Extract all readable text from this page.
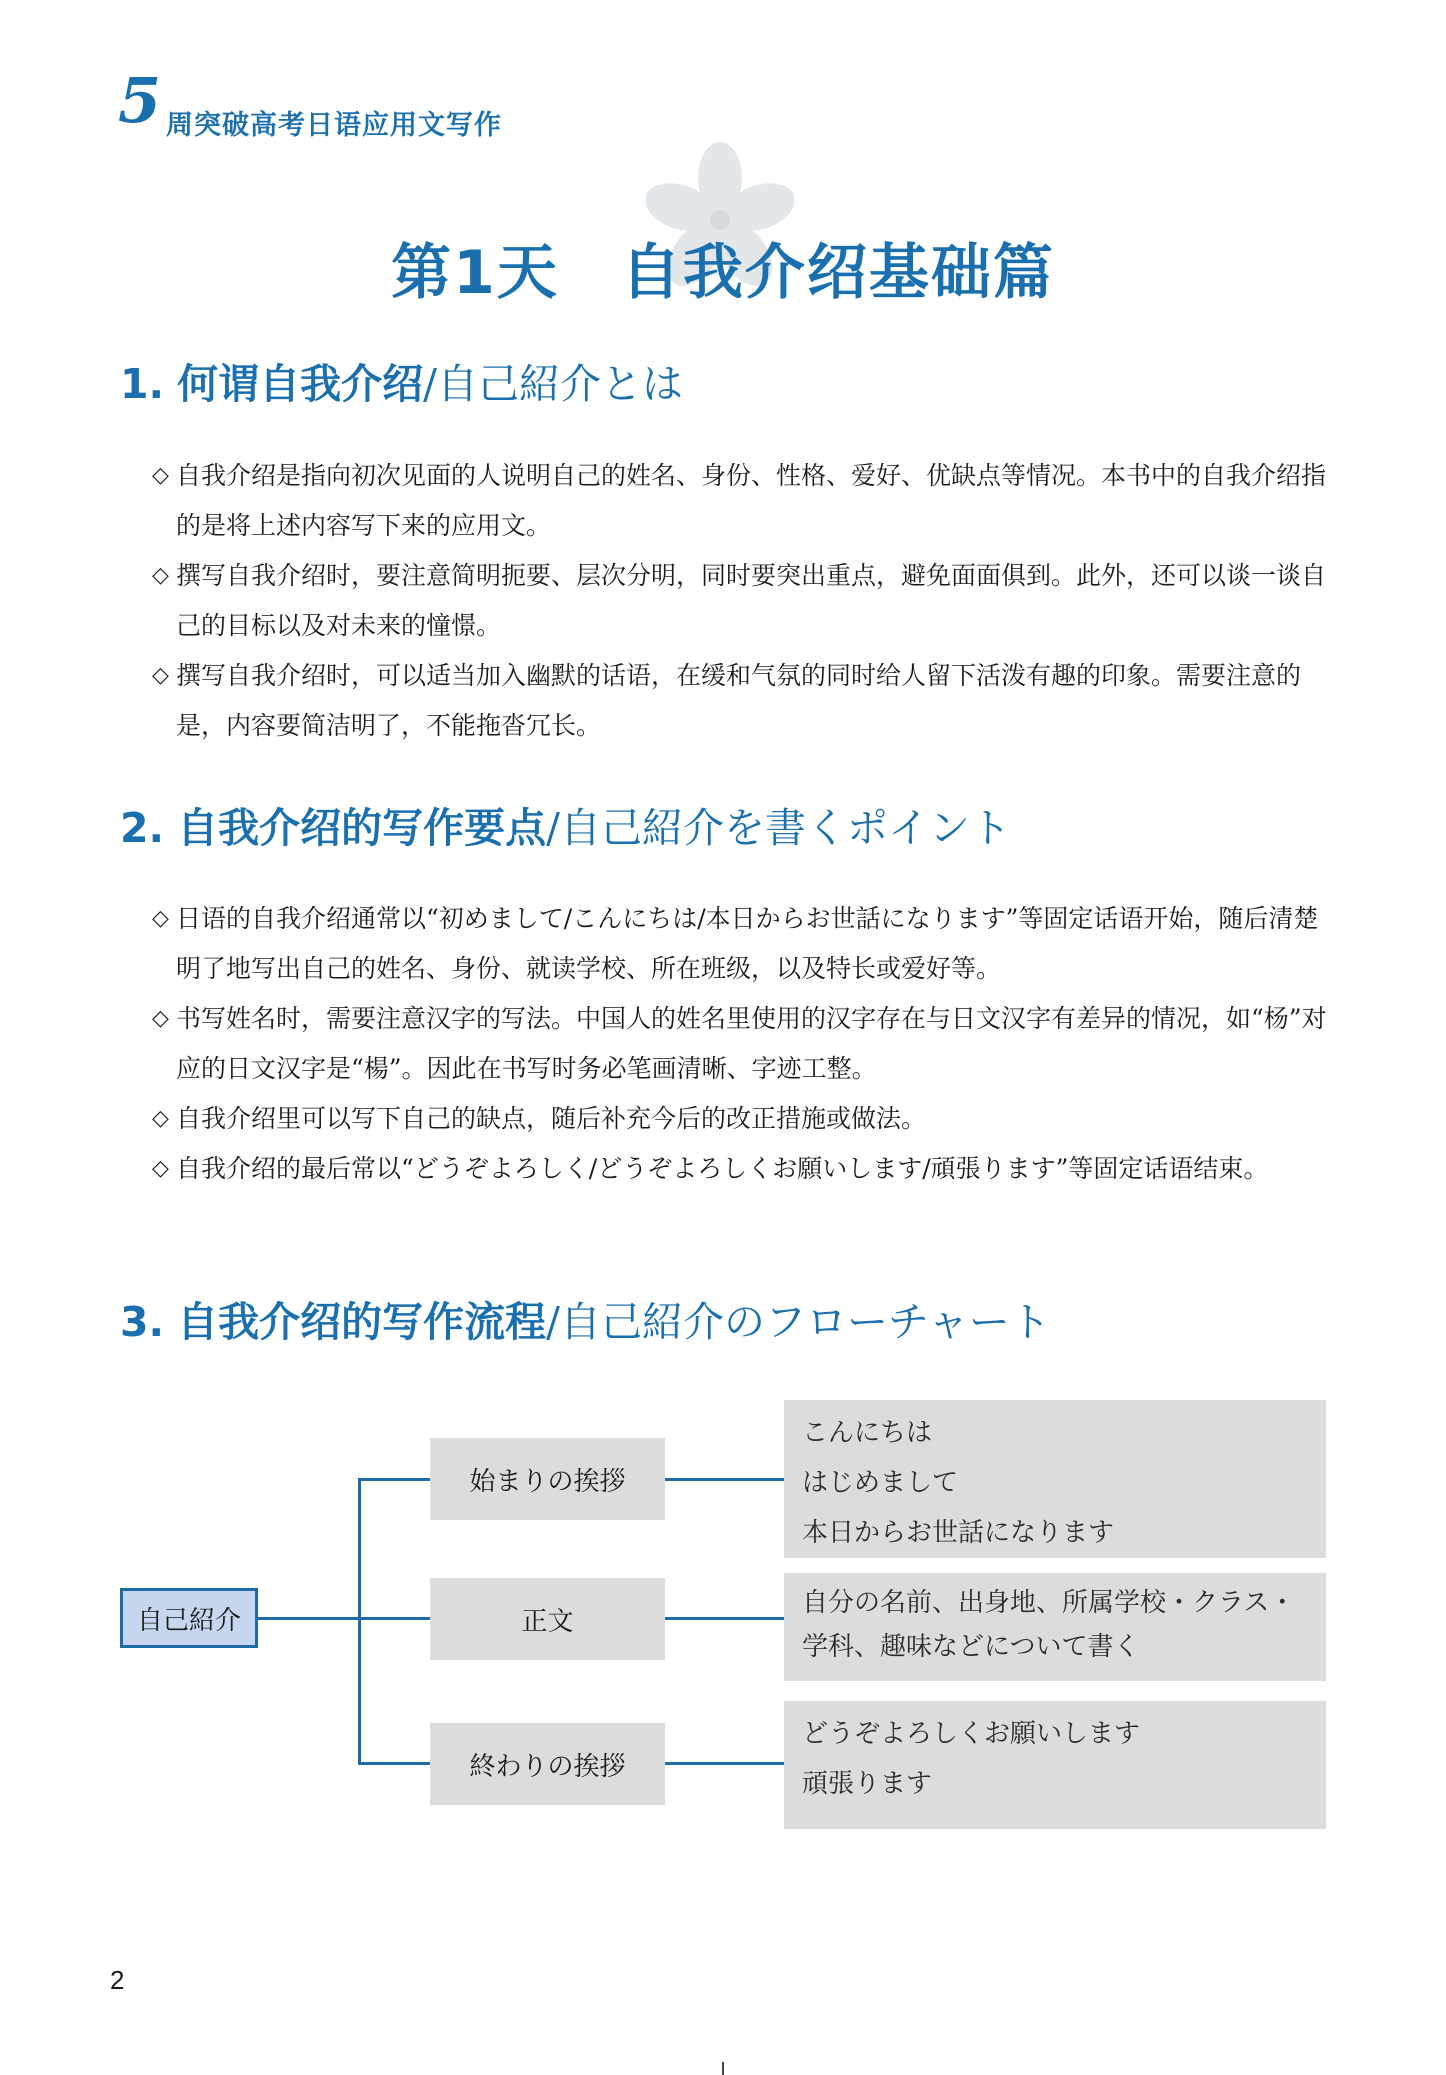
5 周突破高考日语应用文写作
第1天　自我介绍基础篇
1. 何谓自我介绍/自己紹介とは
◇ 自我介绍是指向初次见面的人说明自己的姓名、身份、性格、爱好、优缺点等情况。本书中的自我介绍指的是将上述内容写下来的应用文。
◇ 撰写自我介绍时，要注意简明扼要、层次分明，同时要突出重点，避免面面俱到。此外，还可以谈一谈自己的目标以及对未来的憧憬。
◇ 撰写自我介绍时，可以适当加入幽默的话语，在缓和气氛的同时给人留下活泼有趣的印象。需要注意的是，内容要简洁明了，不能拖沓冗长。
2. 自我介绍的写作要点/自己紹介を書くポイント
◇ 日语的自我介绍通常以“初めまして/こんにちは/本日からお世話になります”等固定话语开始，随后清楚明了地写出自己的姓名、身份、就读学校、所在班级，以及特长或爱好等。
◇ 书写姓名时，需要注意汉字的写法。中国人的姓名里使用的汉字存在与日文汉字有差异的情况，如“杨”对应的日文汉字是“楊”。因此在书写时务必笔画清晰、字迹工整。
◇ 自我介绍里可以写下自己的缺点，随后补充今后的改正措施或做法。
◇ 自我介绍的最后常以“どうぞよろしく/どうぞよろしくお願いします/頑張ります”等固定话语结束。
3. 自我介绍的写作流程/自己紹介のフローチャート
自己紹介
始まりの挨拶
正文
終わりの挨拶
こんにちは
はじめまして
本日からお世話になります
自分の名前、出身地、所属学校・クラス・
学科、趣味などについて書く
どうぞよろしくお願いします
頑張ります
2
